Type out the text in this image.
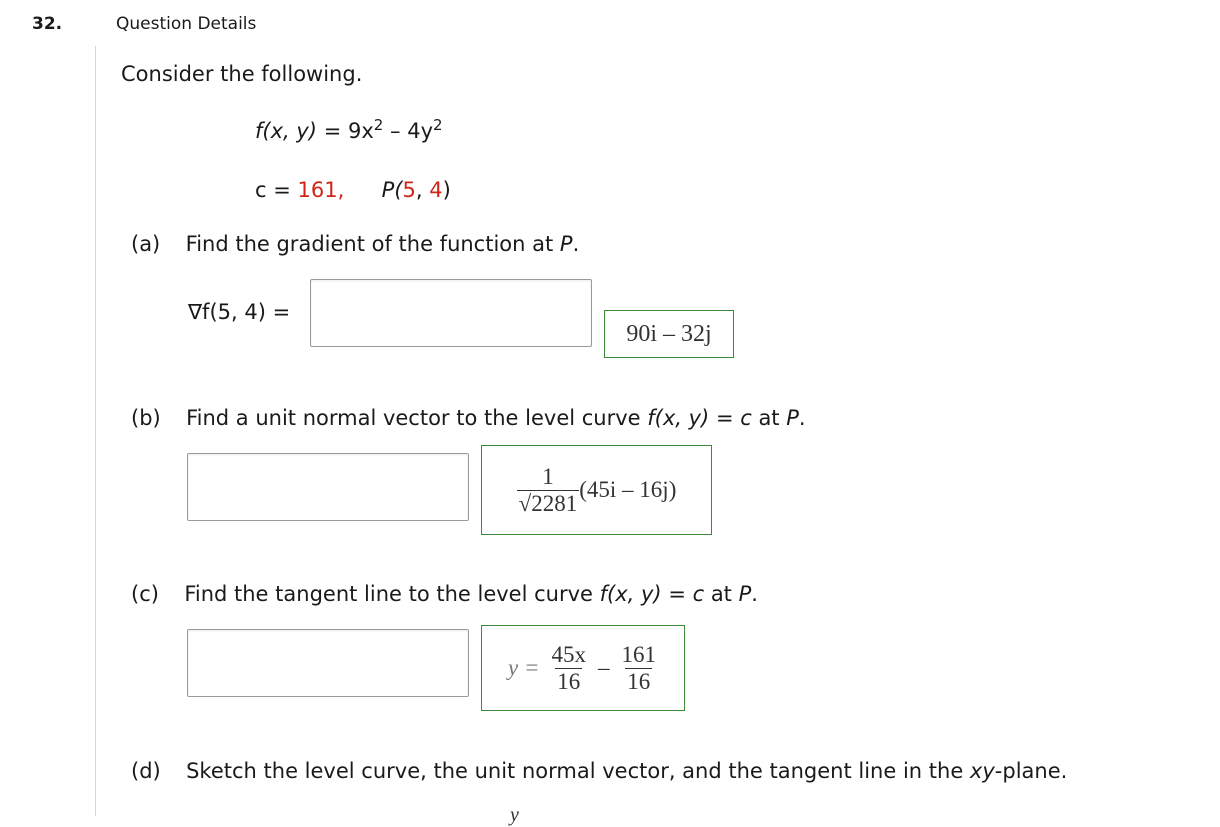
32.	Question Details
Consider the following.
f(x, $y) = 9x^2 - 4y^2$
c = 161, P(5, 4)
(a) Find the gradient of the function at P.
∇f(5, 4) =
90i – 32j
(b) Find a unit normal vector to the level curve f(x, y) = c at P.
$\frac{1}{√2281} (45i - 16j)$
(c) Find the tangent line to the level curve f(x, y) = c at P.
$y = \frac{45x}{16} - \frac{161}{16}$
(d) Sketch the level curve, the unit normal vector, and the tangent line in the xy-plane.
y
